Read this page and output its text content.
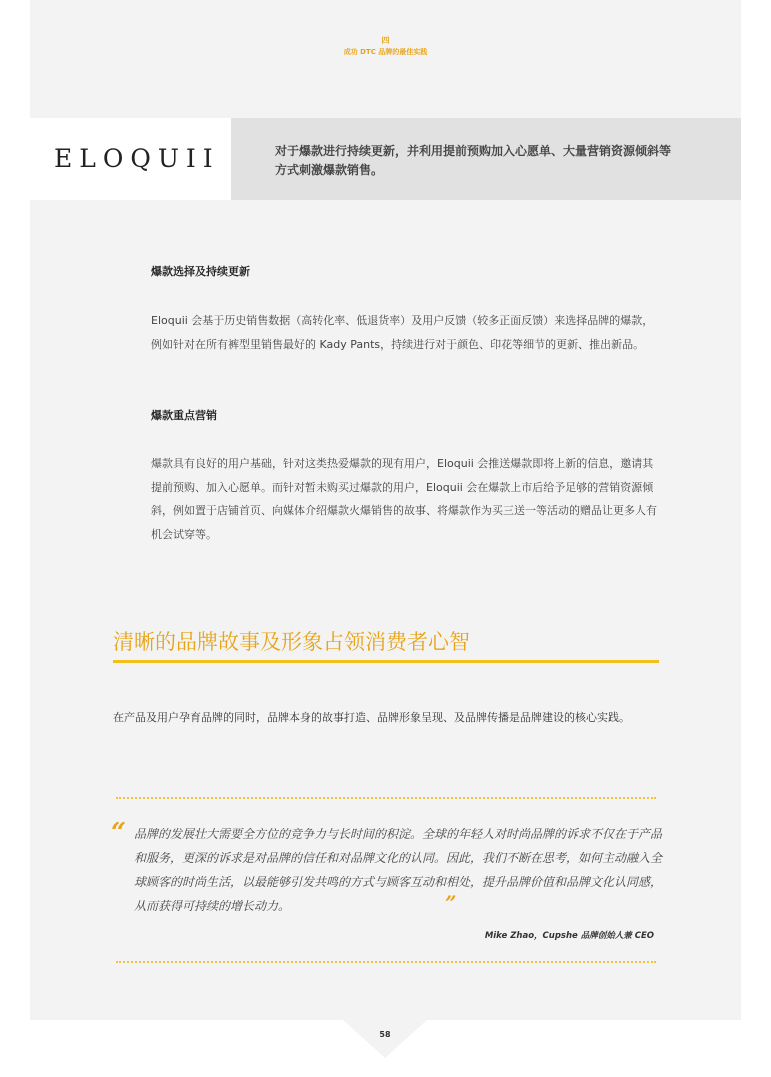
四
成功 DTC 品牌的最佳实践
ELOQUII	对于爆款进行持续更新，并利用提前预购加入心愿单、大量营销资源倾斜等方式刺激爆款销售。
爆款选择及持续更新
Eloquii 会基于历史销售数据（高转化率、低退货率）及用户反馈（较多正面反馈）来选择品牌的爆款，例如针对在所有裤型里销售最好的 Kady Pants，持续进行对于颜色、印花等细节的更新、推出新品。
爆款重点营销
爆款具有良好的用户基础，针对这类热爱爆款的现有用户，Eloquii 会推送爆款即将上新的信息，邀请其提前预购、加入心愿单。而针对暂未购买过爆款的用户，Eloquii 会在爆款上市后给予足够的营销资源倾斜，例如置于店铺首页、向媒体介绍爆款火爆销售的故事、将爆款作为买三送一等活动的赠品让更多人有机会试穿等。
清晰的品牌故事及形象占领消费者心智
在产品及用户孕育品牌的同时，品牌本身的故事打造、品牌形象呈现、及品牌传播是品牌建设的核心实践。
“ 品牌的发展壮大需要全方位的竞争力与长时间的积淀。全球的年轻人对时尚品牌的诉求不仅在于产品和服务，更深的诉求是对品牌的信任和对品牌文化的认同。因此，我们不断在思考，如何主动融入全球顾客的时尚生活，以最能够引发共鸣的方式与顾客互动和相处，提升品牌价值和品牌文化认同感，从而获得可持续的增长动力。	”
Mike Zhao，Cupshe 品牌创始人兼 CEO
58
